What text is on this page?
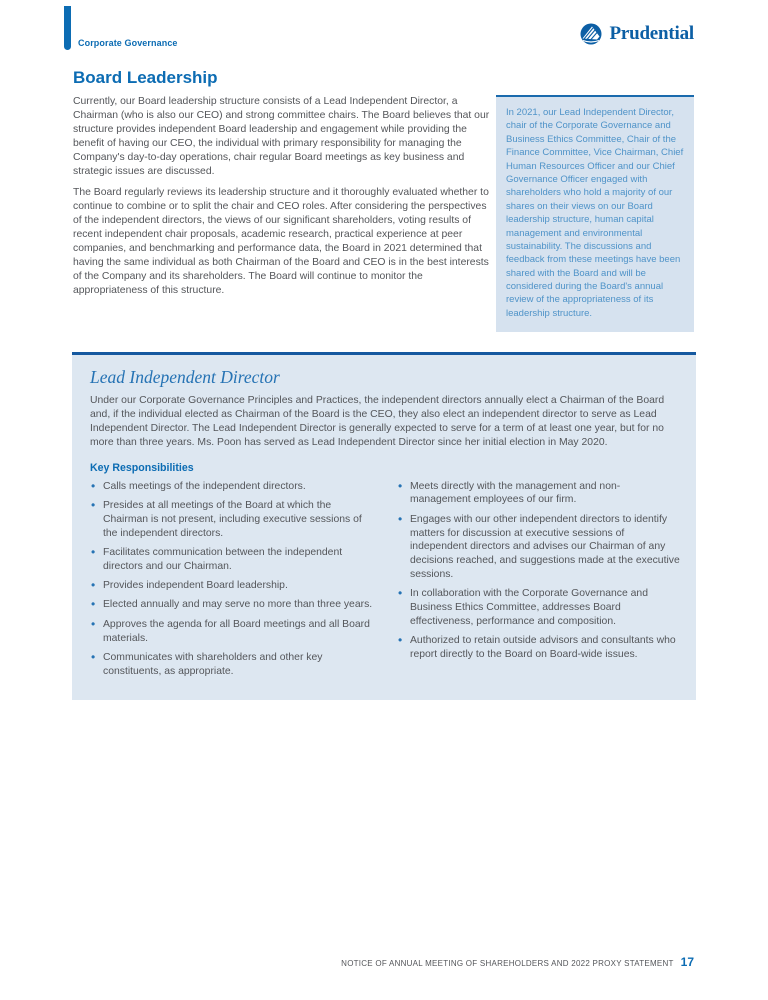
Corporate Governance	Prudential
Board Leadership

Currently, our Board leadership structure consists of a Lead Independent Director, a Chairman (who is also our CEO) and strong committee chairs. The Board believes that our structure provides independent Board leadership and engagement while providing the benefit of having our CEO, the individual with primary responsibility for managing the Company's day-to-day operations, chair regular Board meetings as key business and strategic issues are discussed.

The Board regularly reviews its leadership structure and it thoroughly evaluated whether to continue to combine or to split the chair and CEO roles. After considering the perspectives of the independent directors, the views of our significant shareholders, voting results of recent independent chair proposals, academic research, practical experience at peer companies, and benchmarking and performance data, the Board in 2021 determined that having the same individual as both Chairman of the Board and CEO is in the best interests of the Company and its shareholders. The Board will continue to monitor the appropriateness of this structure.

In 2021, our Lead Independent Director, chair of the Corporate Governance and Business Ethics Committee, Chair of the Finance Committee, Vice Chairman, Chief Human Resources Officer and our Chief Governance Officer engaged with shareholders who hold a majority of our shares on their views on our Board leadership structure, human capital management and environmental sustainability. The discussions and feedback from these meetings have been shared with the Board and will be considered during the Board's annual review of the appropriateness of its leadership structure.
Lead Independent Director

Under our Corporate Governance Principles and Practices, the independent directors annually elect a Chairman of the Board and, if the individual elected as Chairman of the Board is the CEO, they also elect an independent director to serve as Lead Independent Director. The Lead Independent Director is generally expected to serve for a term of at least one year, but for no more than three years. Ms. Poon has served as Lead Independent Director since her initial election in May 2020.

Key Responsibilities
• Calls meetings of the independent directors.
• Presides at all meetings of the Board at which the Chairman is not present, including executive sessions of the independent directors.
• Facilitates communication between the independent directors and our Chairman.
• Provides independent Board leadership.
• Elected annually and may serve no more than three years.
• Approves the agenda for all Board meetings and all Board materials.
• Communicates with shareholders and other key constituents, as appropriate.
• Meets directly with the management and non-management employees of our firm.
• Engages with our other independent directors to identify matters for discussion at executive sessions of independent directors and advises our Chairman of any decisions reached, and suggestions made at the executive sessions.
• In collaboration with the Corporate Governance and Business Ethics Committee, addresses Board effectiveness, performance and composition.
• Authorized to retain outside advisors and consultants who report directly to the Board on Board-wide issues.
NOTICE OF ANNUAL MEETING OF SHAREHOLDERS AND 2022 PROXY STATEMENT 17
